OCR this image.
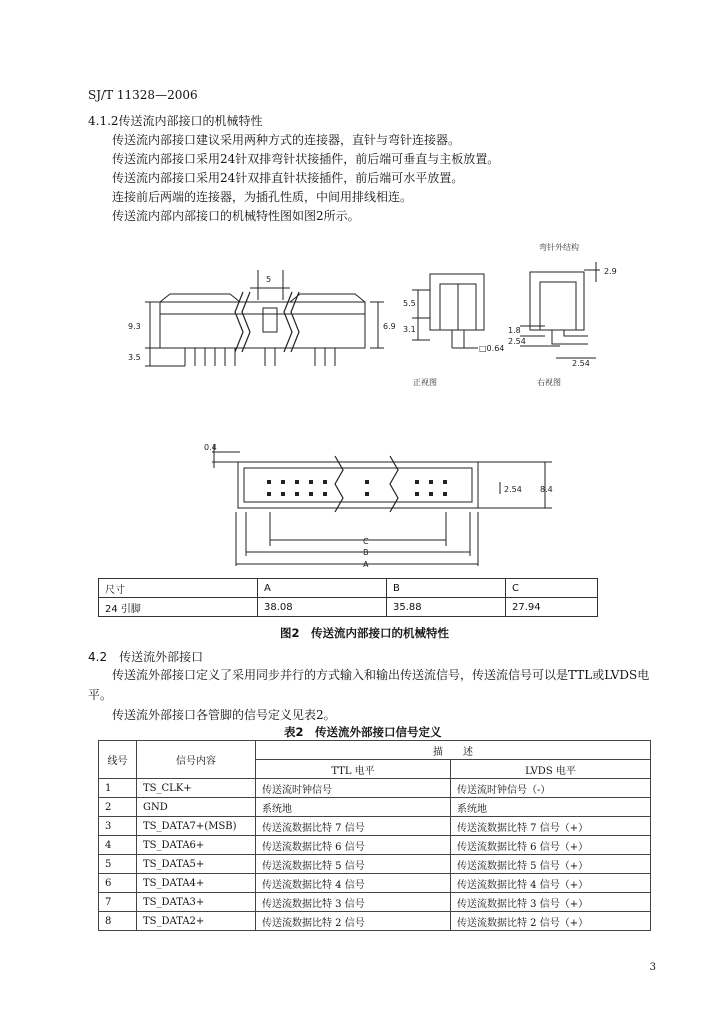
SJ/T 11328—2006
4.1.2传送流内部接口的机械特性
传送流内部接口建议采用两种方式的连接器，直针与弯针连接器。
传送流内部接口采用24针双排弯针状接插件，前后端可垂直与主板放置。
传送流内部接口采用24针双排直针状接插件，前后端可水平放置。
连接前后两端的连接器，为插孔性质，中间用排线相连。
传送流内部内部接口的机械特性图如图2所示。
5
9.3
3.5
6.9
5.5
3.1
□0.64
正视图
弯针外结构
2.9
1.8
2.54
2.54
右视图
0.4
2.54 8.4
C
B
A
尺寸	A	B	C
24 引脚	38.08	35.88	27.94
图2　传送流内部接口的机械特性
4.2　传送流外部接口
传送流外部接口定义了采用同步并行的方式输入和输出传送流信号，传送流信号可以是TTL或LVDS电平。
传送流外部接口各管脚的信号定义见表2。
表2　传送流外部接口信号定义
线号	信号内容	描　　述	
		TTL 电平	LVDS 电平
1	TS_CLK+	传送流时钟信号	传送流时钟信号（-）
2	GND	系统地	系统地
3	TS_DATA7+(MSB)	传送流数据比特 7 信号	传送流数据比特 7 信号（+）
4	TS_DATA6+	传送流数据比特 6 信号	传送流数据比特 6 信号（+）
5	TS_DATA5+	传送流数据比特 5 信号	传送流数据比特 5 信号（+）
6	TS_DATA4+	传送流数据比特 4 信号	传送流数据比特 4 信号（+）
7	TS_DATA3+	传送流数据比特 3 信号	传送流数据比特 3 信号（+）
8	TS_DATA2+	传送流数据比特 2 信号	传送流数据比特 2 信号（+）
3
